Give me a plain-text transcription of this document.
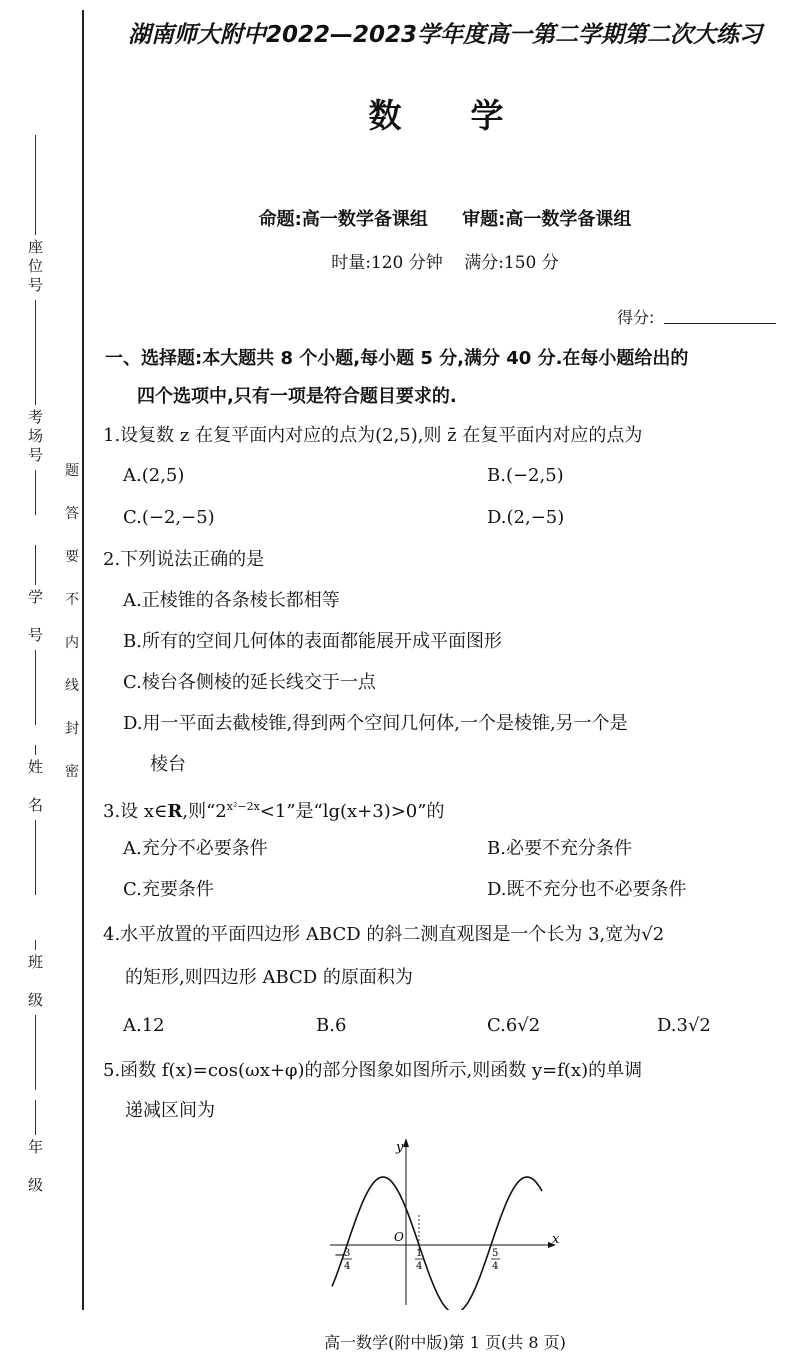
座位号
考场号
学　号
姓　名
班　级
年　级
题
答
要
不
内
线
封
密
湖南师大附中2022—2023学年度高一第二学期第二次大练习
数　学
命题:高一数学备课组 审题:高一数学备课组
时量:120 分钟 满分:150 分
得分:
一、选择题:本大题共 8 个小题,每小题 5 分,满分 40 分.在每小题给出的
四个选项中,只有一项是符合题目要求的.
1.设复数 z 在复平面内对应的点为(2,5),则 z̄ 在复平面内对应的点为
A.(2,5)	B.(−2,5)
C.(−2,−5)	D.(2,−5)
2.下列说法正确的是
A.正棱锥的各条棱长都相等
B.所有的空间几何体的表面都能展开成平面图形
C.棱台各侧棱的延长线交于一点
D.用一平面去截棱锥,得到两个空间几何体,一个是棱锥,另一个是
棱台
3.设 x∈R,则“$2^{x^2-2x}<1$”是“lg(x+3)>0”的
A.充分不必要条件	B.必要不充分条件
C.充要条件	D.既不充分也不必要条件
4.水平放置的平面四边形 ABCD 的斜二测直观图是一个长为 3,宽为√2
的矩形,则四边形 ABCD 的原面积为
A.12	B.6	C.6√2	D.3√2
5.函数 f(x)=cos(ωx+φ)的部分图象如图所示,则函数 y=f(x)的单调
递减区间为
y
x
O
− 3
4
1
4
5
4
高一数学(附中版)第 1 页(共 8 页)
